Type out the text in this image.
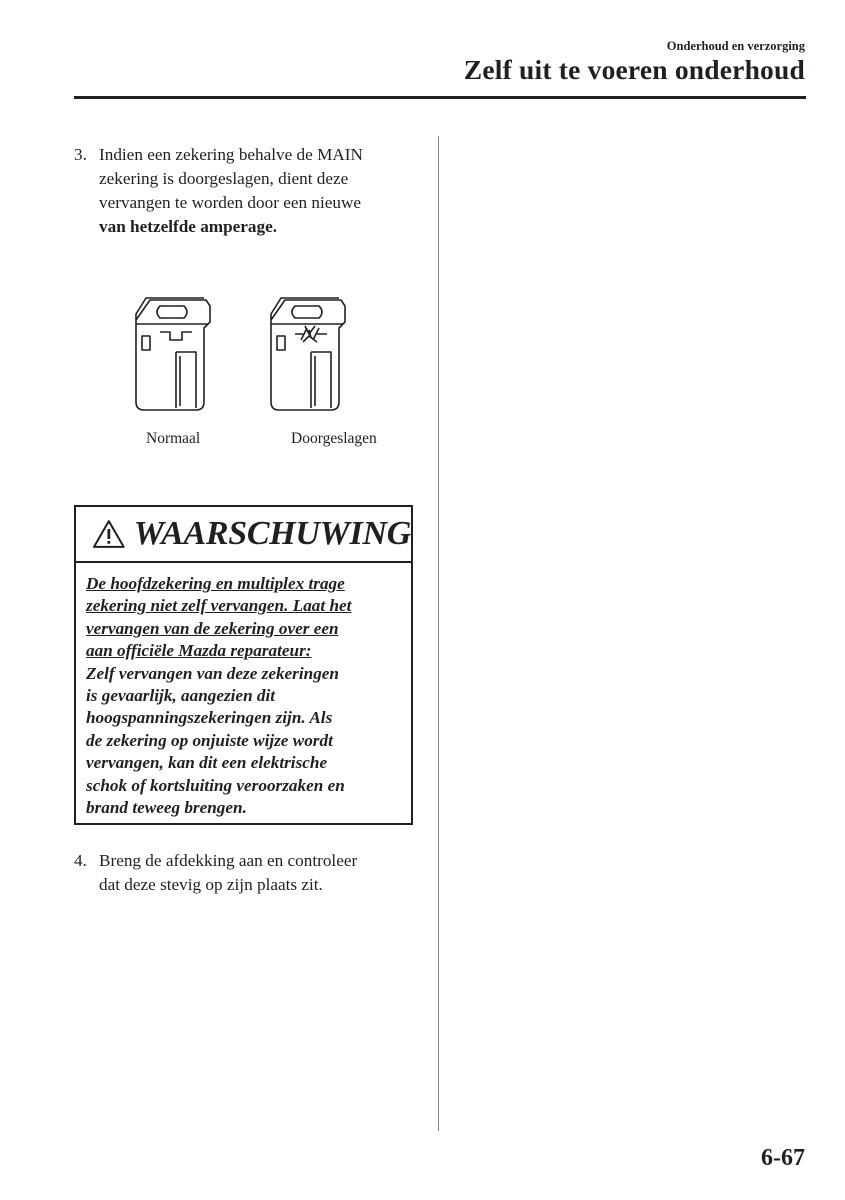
Onderhoud en verzorging
Zelf uit te voeren onderhoud
3. Indien een zekering behalve de MAIN
zekering is doorgeslagen, dient deze
vervangen te worden door een nieuwe
van hetzelfde amperage.
Normaal	Doorgeslagen
WAARSCHUWING
De hoofdzekering en multiplex trage
zekering niet zelf vervangen. Laat het
vervangen van de zekering over een
aan officiële Mazda reparateur:
Zelf vervangen van deze zekeringen
is gevaarlijk, aangezien dit
hoogspanningszekeringen zijn. Als
de zekering op onjuiste wijze wordt
vervangen, kan dit een elektrische
schok of kortsluiting veroorzaken en
brand teweeg brengen.
4. Breng de afdekking aan en controleer
dat deze stevig op zijn plaats zit.
6-67
